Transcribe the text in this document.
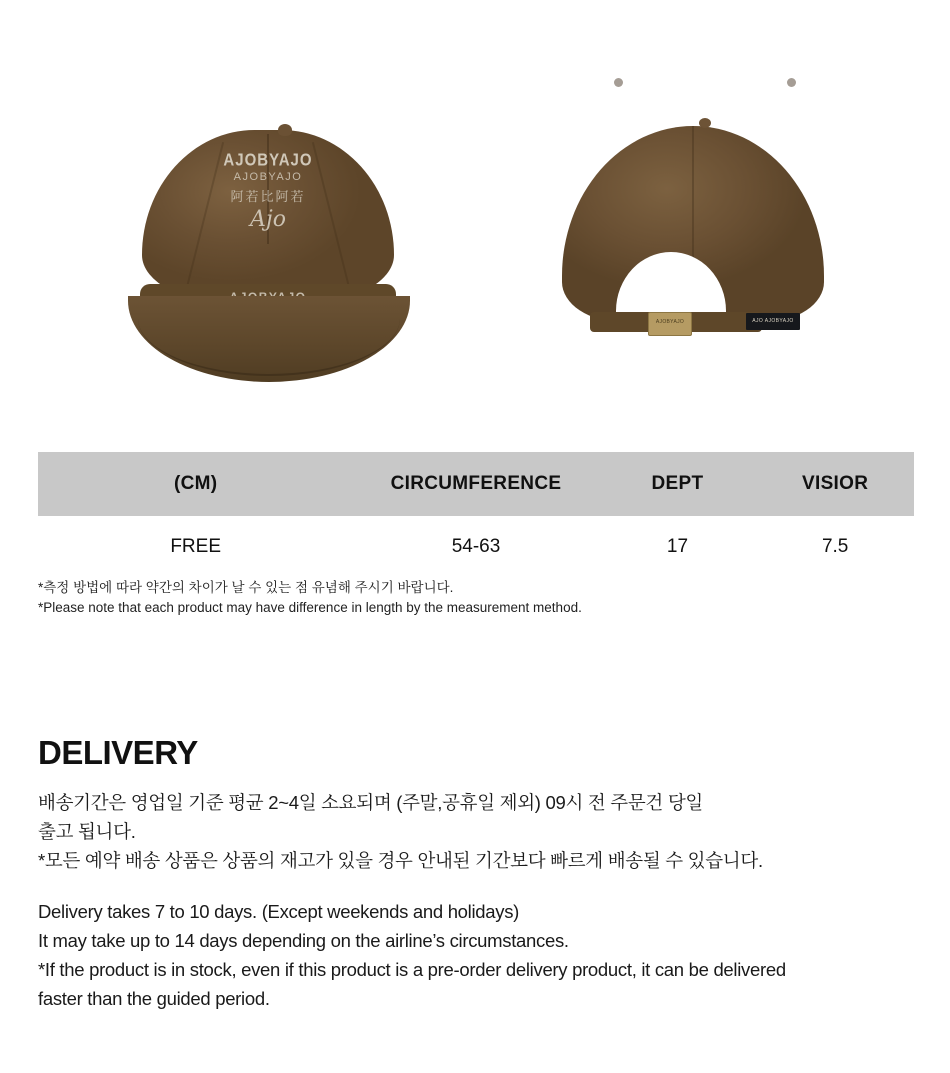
AJOBYAJO
AJOBYAJO
阿若比阿若
Ajo
AJOBYAJO	AJO AJOBYAJO
(CM)	CIRCUMFERENCE	DEPT	VISIOR
FREE	54-63	17	7.5
*측정 방법에 따라 약간의 차이가 날 수 있는 점 유념해 주시기 바랍니다.
*Please note that each product may have difference in length by the measurement method.
DELIVERY

배송기간은 영업일 기준 평균 2~4일 소요되며 (주말,공휴일 제외) 09시 전 주문건 당일

출고 됩니다.

*모든 예약 배송 상품은 상품의 재고가 있을 경우 안내된 기간보다 빠르게 배송될 수 있습니다.

Delivery takes 7 to 10 days. (Except weekends and holidays)

It may take up to 14 days depending on the airline’s circumstances.

*If the product is in stock, even if this product is a pre-order delivery product, it can be delivered

faster than the guided period.
